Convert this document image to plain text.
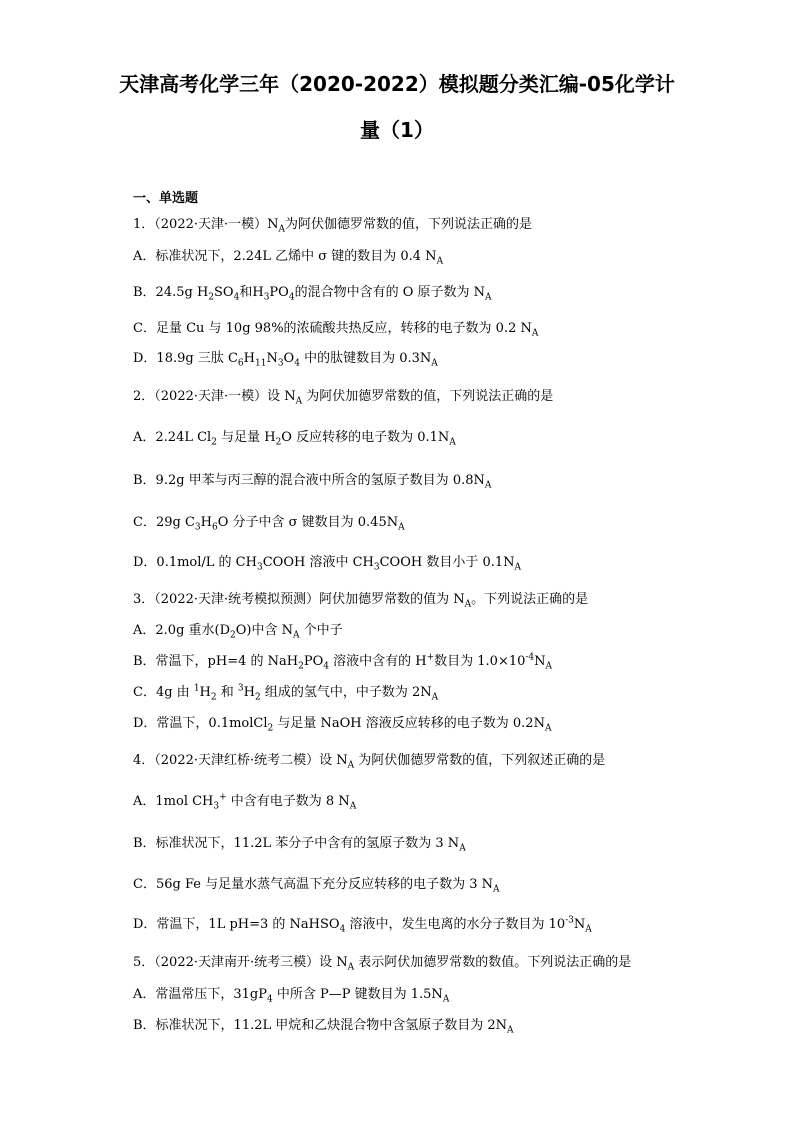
天津高考化学三年（2020-2022）模拟题分类汇编-05化学计
量（1）
一、单选题
1．（2022·天津·一模）$N_A$为阿伏伽德罗常数的值，下列说法正确的是
A．标准状况下，2.24L 乙烯中 σ 键的数目为 0.4 $N_A$
B．24.5g $H_2SO_4$和$H_3PO_4$的混合物中含有的 O 原子数为 $N_A$
C．足量 Cu 与 10g 98%的浓硫酸共热反应，转移的电子数为 0.2 $N_A$
D．18.9g 三肽 $C_6H_{11}N_3O_4$ 中的肽键数目为 $0.3N_A$
2．（2022·天津·一模）设 $N_A$ 为阿伏加德罗常数的值，下列说法正确的是
A．2.24L $Cl_2$ 与足量 $H_2O$ 反应转移的电子数为 $0.1N_A$
B．9.2g 甲苯与丙三醇的混合液中所含的氢原子数目为 $0.8N_A$
C．29g $C_3H_6O$ 分子中含 σ 键数目为 $0.45N_A$
D．0.1mol/L 的 $CH_3COOH$ 溶液中 $CH_3COOH$ 数目小于 $0.1N_A$
3．（2022·天津·统考模拟预测）阿伏加德罗常数的值为 $N_A$。下列说法正确的是
A．2.0g 重水$(D_2O)$中含 $N_A$ 个中子
B．常温下，pH=4 的 $NaH_2PO_4$ 溶液中含有的 H+数目为 $1.0\times 10^{-4}N_A$
C．4g 由 $^1H_2$ 和 $^3H_2$ 组成的氢气中，中子数为 $2N_A$
D．常温下，0.1molCl$_2$ 与足量 NaOH 溶液反应转移的电子数为 $0.2N_A$
4．（2022·天津红桥·统考二模）设 $N_A$ 为阿伏伽德罗常数的值，下列叙述正确的是
A．1mol $CH_3^+$ 中含有电子数为 8 $N_A$
B．标准状况下，11.2L 苯分子中含有的氢原子数为 3 $N_A$
C．56g Fe 与足量水蒸气高温下充分反应转移的电子数为 3 $N_A$
D．常温下，1L pH=3 的 NaHSO$_4$ 溶液中，发生电离的水分子数目为 $10^{-3}N_A$
5．（2022·天津南开·统考三模）设 $N_A$ 表示阿伏加德罗常数的数值。下列说法正确的是
A．常温常压下，$31gP_4$ 中所含 P—P 键数目为 $1.5N_A$
B．标准状况下，11.2L 甲烷和乙炔混合物中含氢原子数目为 $2N_A$
